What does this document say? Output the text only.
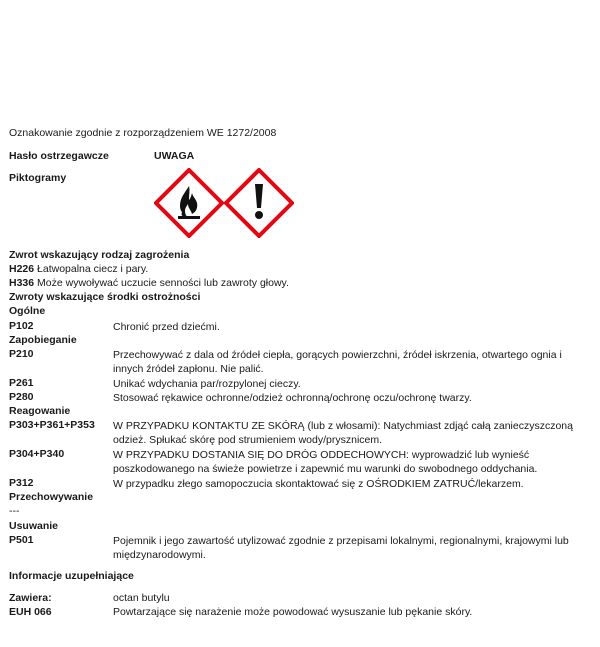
Oznakowanie zgodnie z rozporządzeniem WE 1272/2008
Hasło ostrzegawcze	UWAGA
Piktogramy
Zwrot wskazujący rodzaj zagrożenia
H226 Łatwopalna ciecz i pary.
H336 Może wywoływać uczucie senności lub zawroty głowy.
Zwroty wskazujące środki ostrożności
Ogólne
P102	Chronić przed dziećmi.
Zapobieganie
P210	Przechowywać z dala od źródeł ciepła, gorących powierzchni, źródeł iskrzenia, otwartego ognia i innych źródeł zapłonu. Nie palić.
P261	Unikać wdychania par/rozpylonej cieczy.
P280	Stosować rękawice ochronne/odzież ochronną/ochronę oczu/ochronę twarzy.
Reagowanie
P303+P361+P353 W PRZYPADKU KONTAKTU ZE SKÓRĄ (lub z włosami): Natychmiast zdjąć całą zanieczyszczoną odzież. Spłukać skórę pod strumieniem wody/prysznicem.
P304+P340	W PRZYPADKU DOSTANIA SIĘ DO DRÓG ODDECHOWYCH: wyprowadzić lub wynieść poszkodowanego na świeże powietrze i zapewnić mu warunki do swobodnego oddychania.
P312	W przypadku złego samopoczucia skontaktować się z OŚRODKIEM ZATRUĆ/lekarzem.
Przechowywanie
---
Usuwanie
P501	Pojemnik i jego zawartość utylizować zgodnie z przepisami lokalnymi, regionalnymi, krajowymi lub międzynarodowymi.
Informacje uzupełniające
Zawiera:	octan butylu
EUH 066	Powtarzające się narażenie może powodować wysuszanie lub pękanie skóry.
